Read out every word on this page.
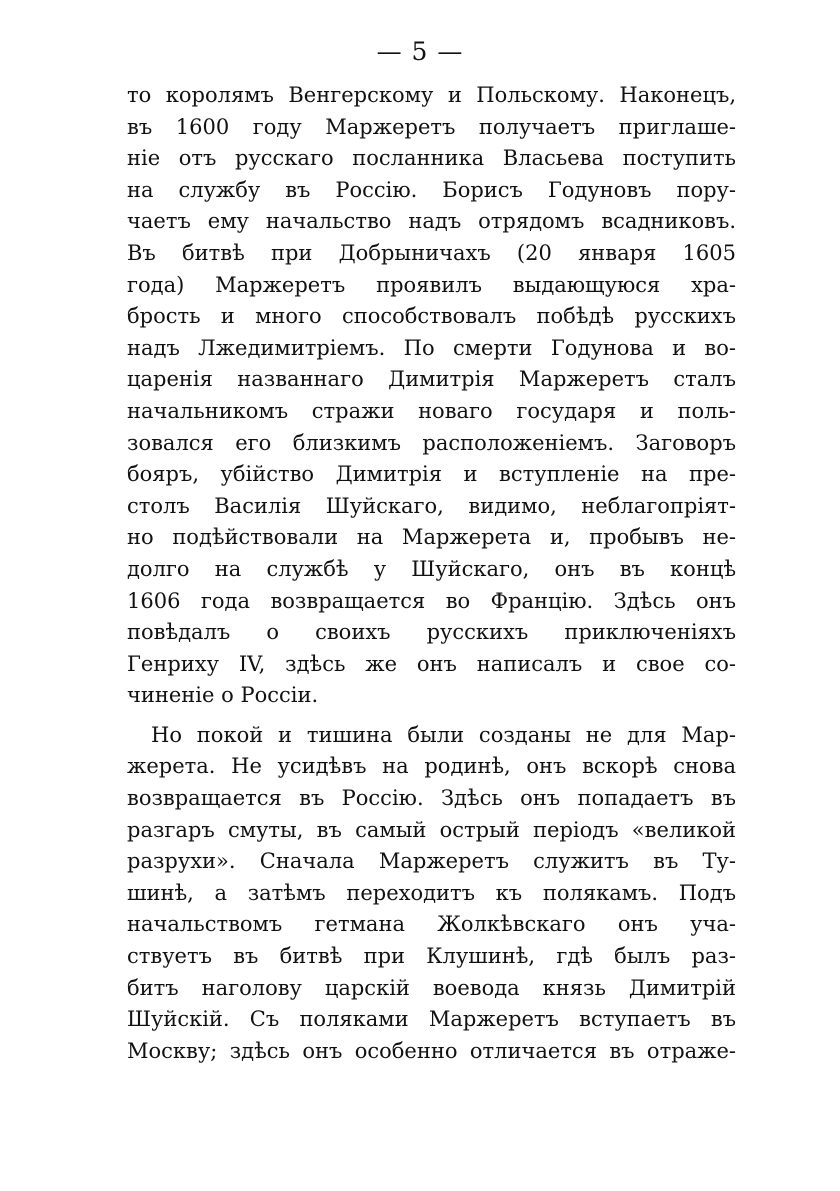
— 5 —
то королямъ Венгерскому и Польскому. Наконецъ,
въ 1600 году Маржеретъ получаетъ приглаше-
ніе отъ русскаго посланника Власьева поступить
на службу въ Россію. Борисъ Годуновъ пору-
чаетъ ему начальство надъ отрядомъ всадниковъ.
Въ битвѣ при Добрыничахъ (20 января 1605
года) Маржеретъ проявилъ выдающуюся хра-
брость и много способствовалъ побѣдѣ русскихъ
надъ Лжедимитріемъ. По смерти Годунова и во-
цаpенія названнаго Димитрія Маржеретъ сталъ
начальникомъ стражи новаго государя и поль-
зовался его близкимъ расположеніемъ. Заговоръ
бояръ, убійство Димитрія и вступленіе на пре-
столъ Василія Шуйскаго, видимо, неблагопріят-
но подѣйствовали на Маржерета и, пробывъ не-
долго на службѣ у Шуйскаго, онъ въ концѣ
1606 года возвращается во Францію. Здѣсь онъ
повѣдалъ о своихъ русскихъ приключеніяхъ
Генриху IV, здѣсь же онъ написалъ и свое со-
чиненіе о Россіи.
Но покой и тишина были созданы не для Мар-
жерета. Не усидѣвъ на родинѣ, онъ вскорѣ снова
возвращается въ Россію. Здѣсь онъ попадаетъ въ
разгаръ смуты, въ самый острый періодъ «великой
разрухи». Сначала Маржеретъ служитъ въ Ту-
шинѣ, а затѣмъ переходитъ къ полякамъ. Подъ
начальствомъ гетмана Жолкѣвскаго онъ уча-
ствуетъ въ битвѣ при Клушинѣ, гдѣ былъ раз-
битъ наголову царскій воевода князь Димитрій
Шуйскій. Съ поляками Маржеретъ вступаетъ въ
Москву; здѣсь онъ особенно отличается въ отраже-
